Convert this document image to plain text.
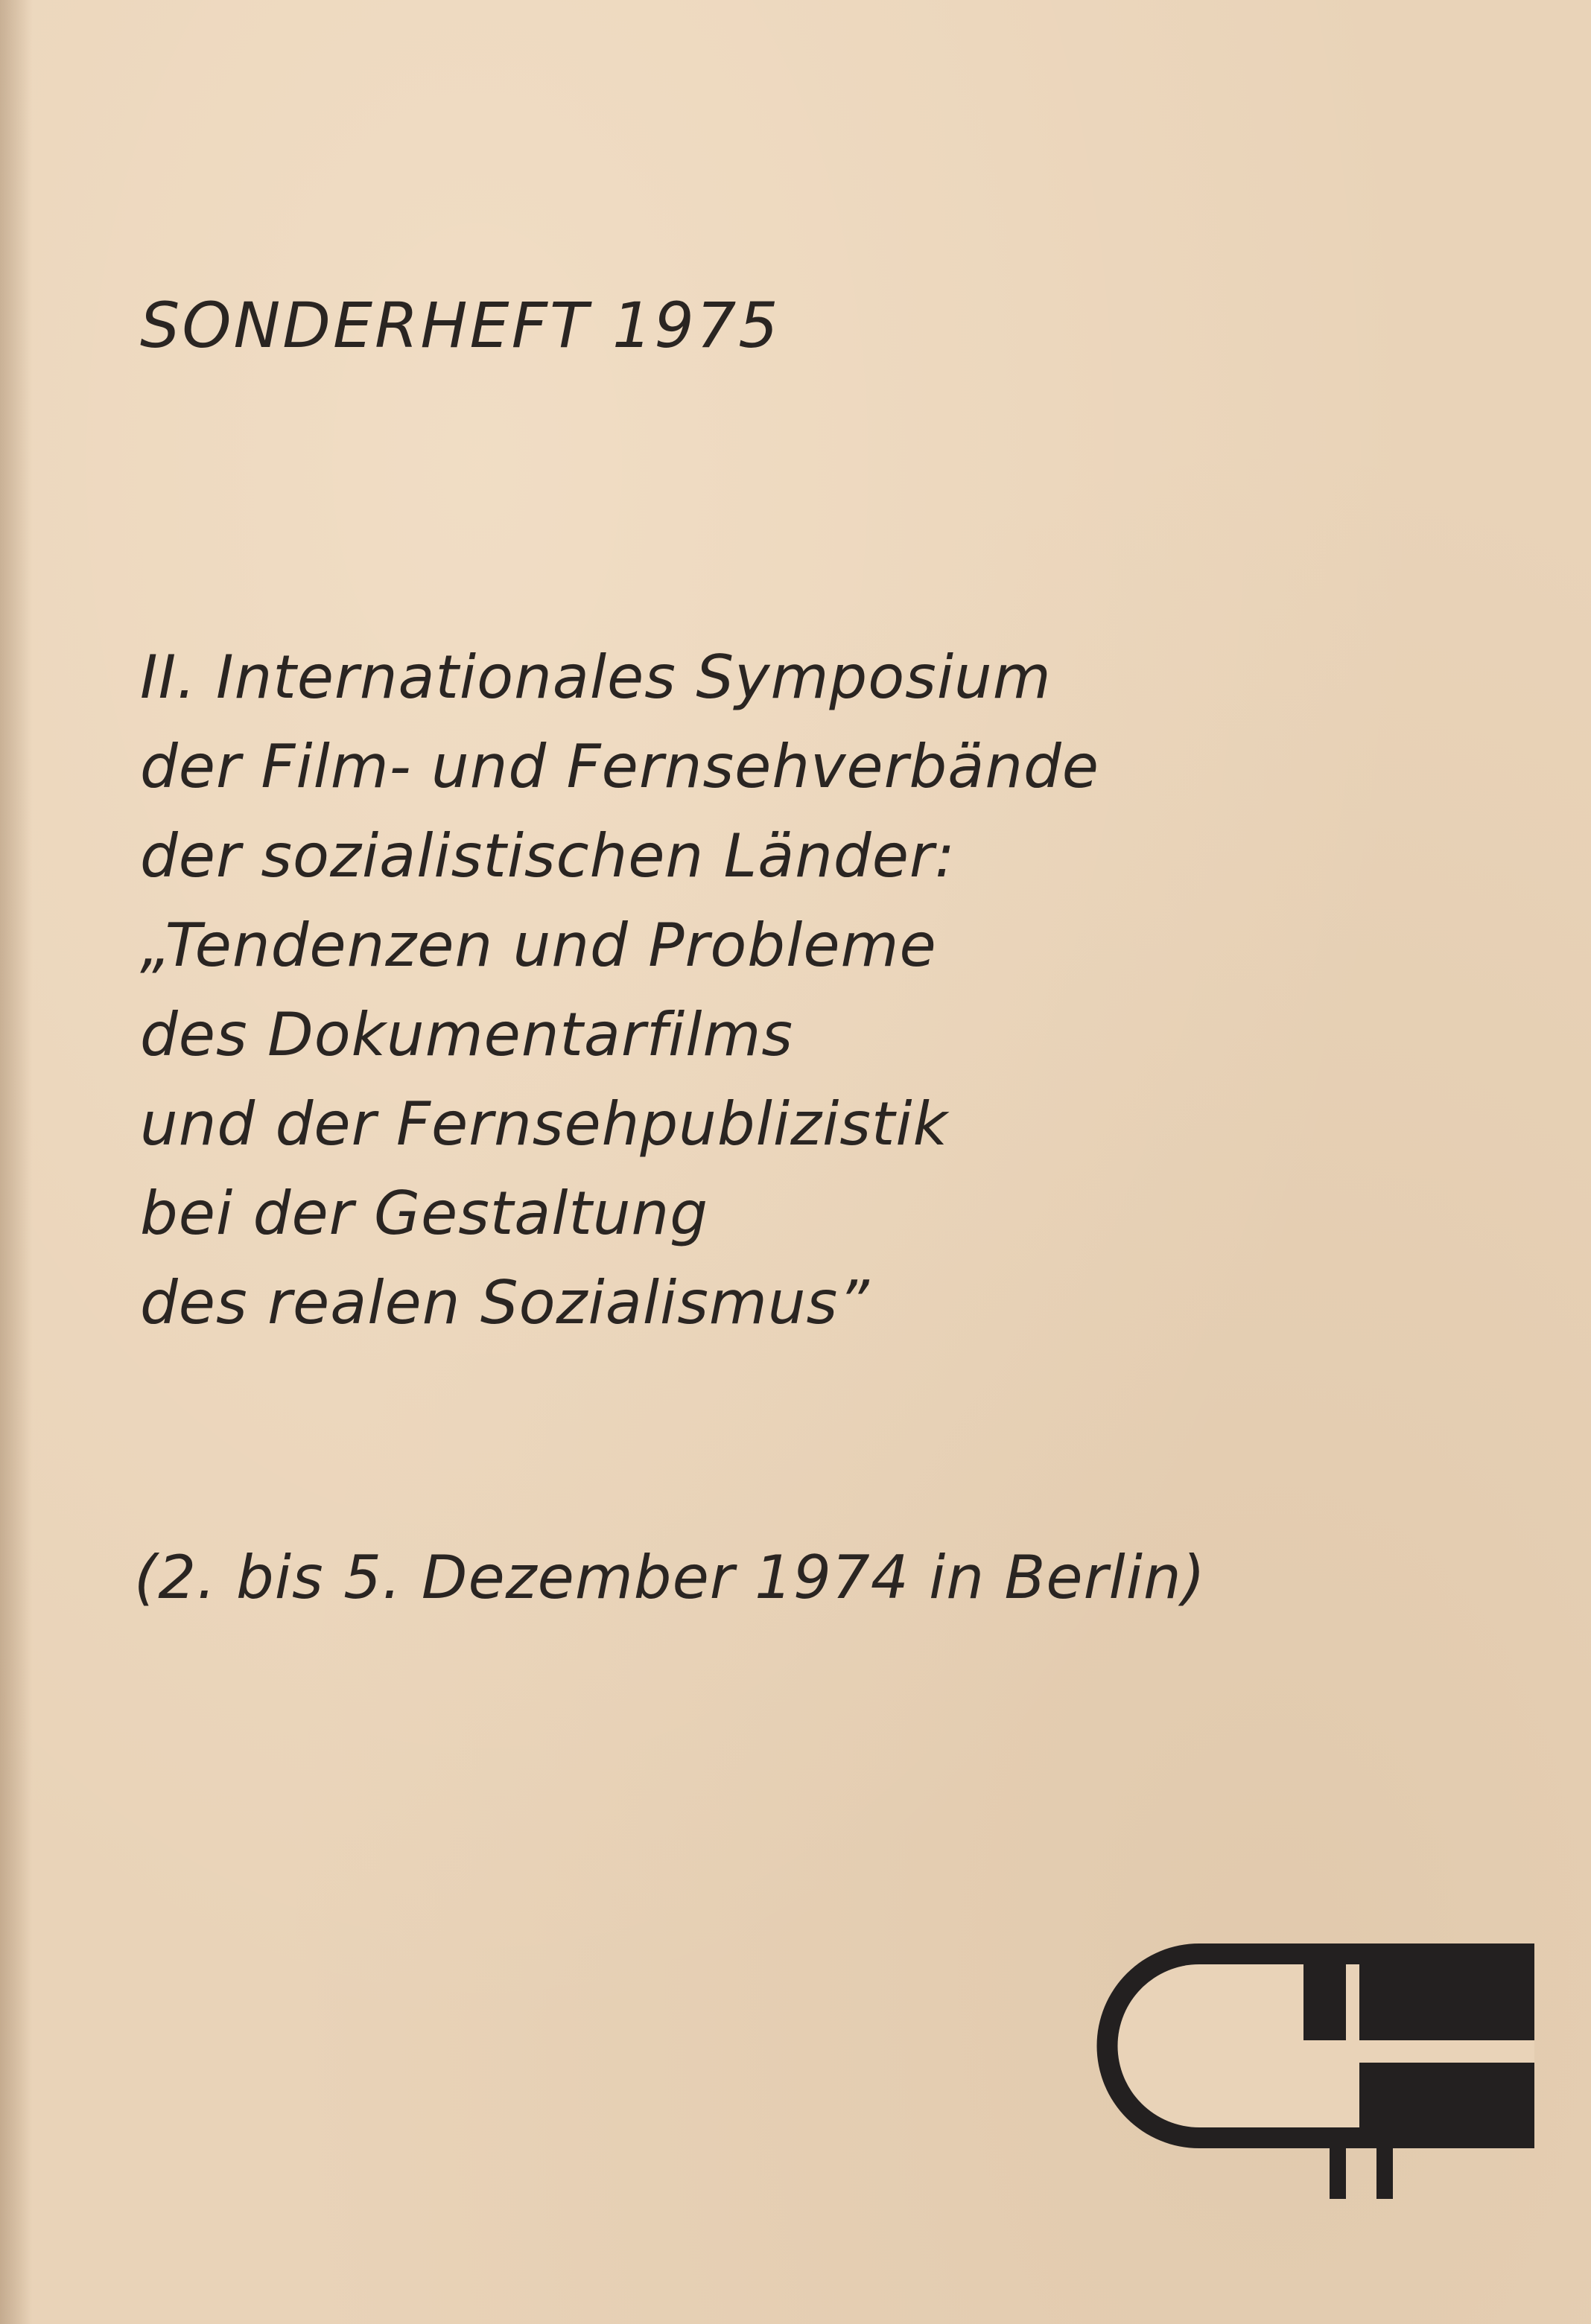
SONDERHEFT 1975
II. Internationales Symposium
der Film- und Fernsehverbände
der sozialistischen Länder:
„Tendenzen und Probleme
des Dokumentarfilms
und der Fernsehpublizistik
bei der Gestaltung
des realen Sozialismus”

(2. bis 5. Dezember 1974 in Berlin)
